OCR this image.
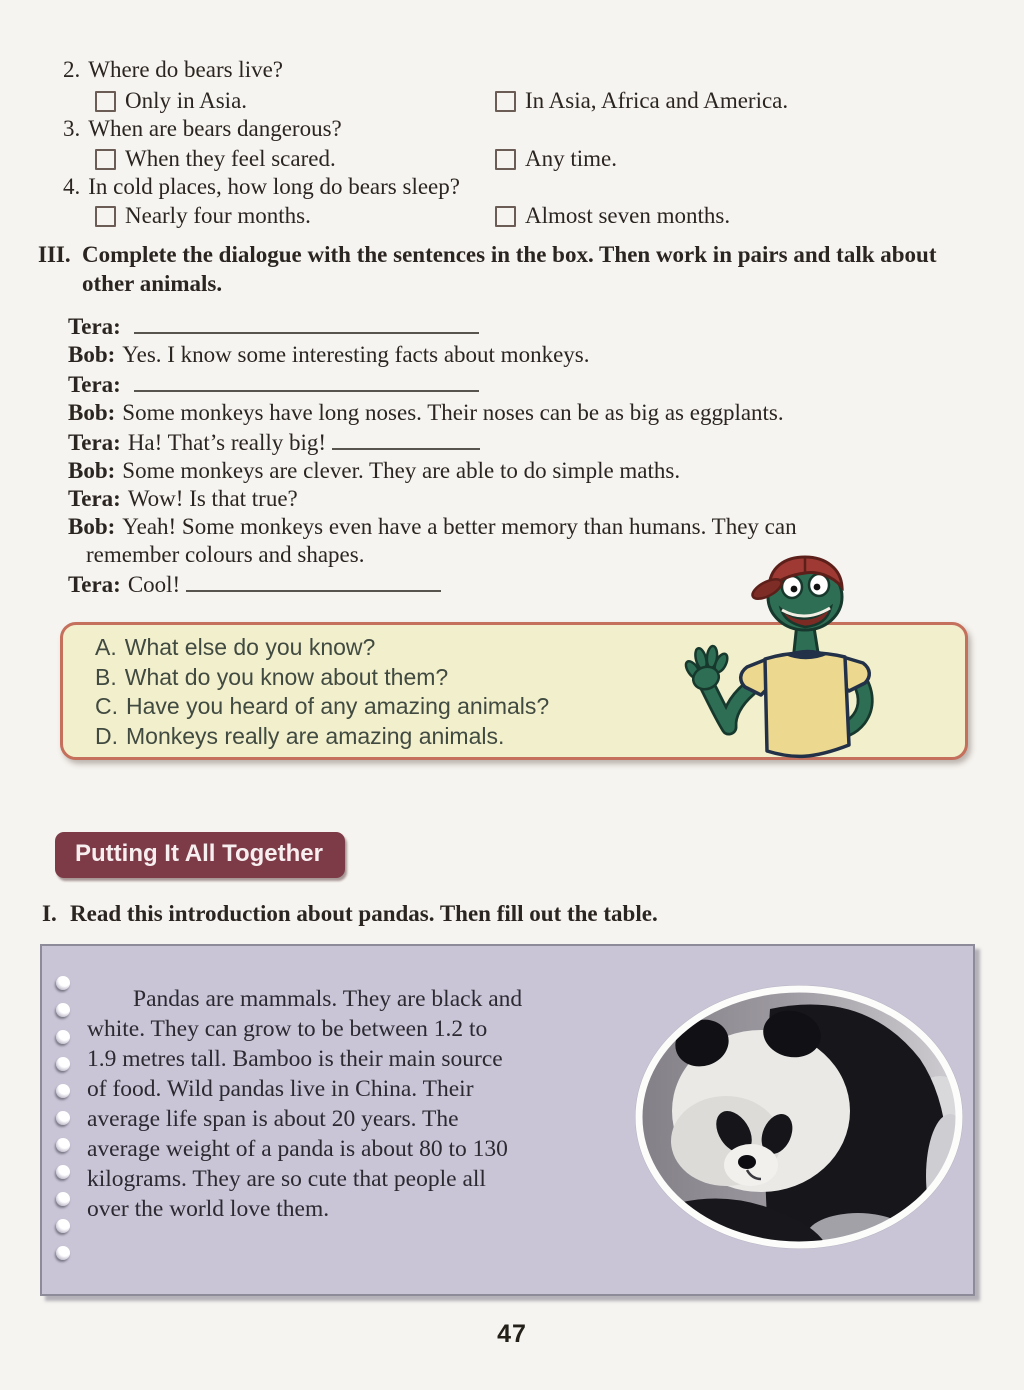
2. Where do bears live?
Only in Asia.	In Asia, Africa and America.
3. When are bears dangerous?
When they feel scared.	Any time.
4. In cold places, how long do bears sleep?
Nearly four months.	Almost seven months.
III. Complete the dialogue with the sentences in the box. Then work in pairs and talk about other animals.
Tera:
Bob: Yes. I know some interesting facts about monkeys.
Tera:
Bob: Some monkeys have long noses. Their noses can be as big as eggplants.
Tera: Ha! That’s really big!
Bob: Some monkeys are clever. They are able to do simple maths.
Tera: Wow! Is that true?
Bob: Yeah! Some monkeys even have a better memory than humans. They can
remember colours and shapes.
Tera: Cool!
A. What else do you know?
B. What do you know about them?
C. Have you heard of any amazing animals?
D. Monkeys really are amazing animals.
Putting It All Together
I. Read this introduction about pandas. Then fill out the table.
Pandas are mammals. They are black and
white. They can grow to be between 1.2 to
1.9 metres tall. Bamboo is their main source
of food. Wild pandas live in China. Their
average life span is about 20 years. The
average weight of a panda is about 80 to 130
kilograms. They are so cute that people all
over the world love them.
47
